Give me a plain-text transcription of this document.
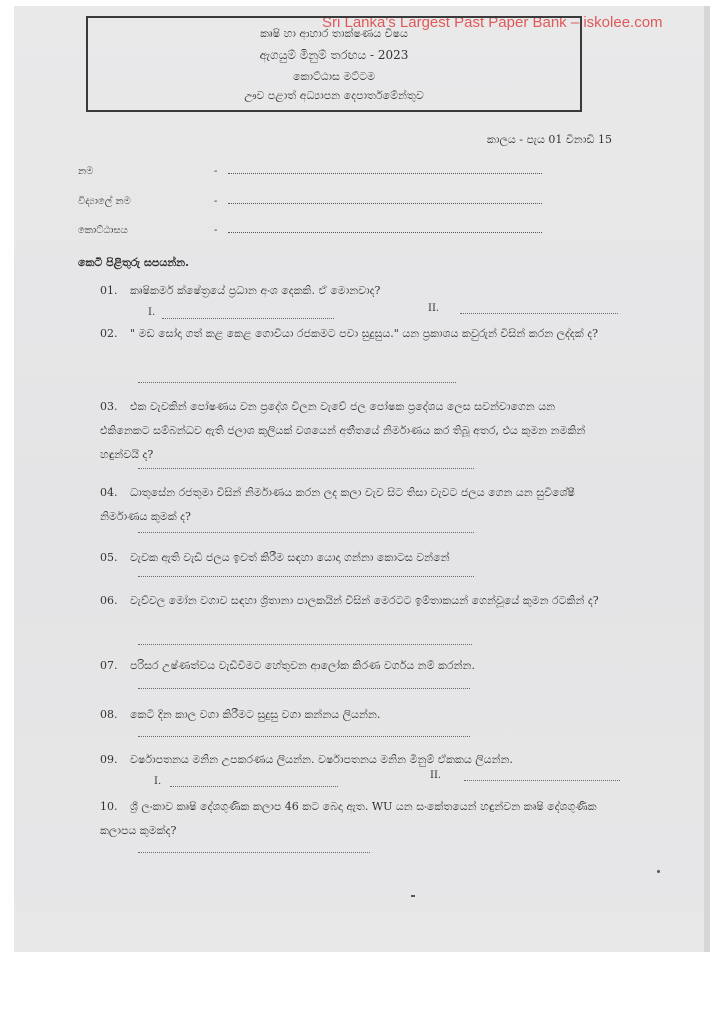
Sri Lanka's Largest Past Paper Bank – iskolee.com
කෘෂි හා ආහාර තාක්ෂණය විෂය
ඇගයුම් මිනුම් තරඟය - 2023
කොට්ඨාස මට්ටම
ඌව පළාත් අධ්‍යාපන දෙපාර්තමේන්තුව
කාලය - පැය 01 විනාඩි 15
නම	-
විද්‍යාලේ නම	-
කොට්ඨාසය	-
කෙටි පිළිතුරු සපයන්න.
01. කෘෂිකර්ම ක්ෂේත්‍රයේ ප්‍රධාන අංශ දෙකකි. ඒ මොනවාද?
I.	II.
02. " මඩ සෝදා ගත් කළ කෙළ ගොවියා රජකමට පවා සුදුසුය." යන ප්‍රකාශය කවුරුන් විසින් කරන ලද්දක් ද?
03. එක වැවකින් පෝෂණය වන ප්‍රදේශ විලන වැවේ ජල පෝෂක ප්‍රදේශය ලෙස සවන්වාගෙන යන එකිනෙකට සම්බන්ධව ඇති ජලාශ කුලියක් වශයෙන් අතීතයේ නිර්මාණය කර තිබූ අතර, එය කුමන නමකින් හඳුන්වයි ද?
04. ධාතුසේන රජතුමා විසින් නිර්මාණය කරන ලද කලා වැව සිට තිසා වැවට ජලය ගෙන යන සුවිශේෂී නිර්මාණය කුමක් ද?
05. වැවක ඇති වැඩි ජලය ඉවත් කිරීම සඳහා යොදා ගන්නා කොටස වන්නේ
06. වැව්වල මෝන වගාව සඳහා ශ්‍රිතානා පාලකයින් විසින් මෙරටට ඉම්තාකයන් ගෙන්වූයේ කුමන රටකින් ද?
07. පරිසර උෂ්ණත්වය වැඩිවීමට හේතුවන ආලෝක කිරණ වර්ගය නම් කරන්න.
08. කෙටි දින කාල වගා කිරීමට සුදුසු වගා කන්නය ලියන්න.
09. වර්ෂාපතනය මනින උපකරණය ලියන්න. වර්ෂාපතනය මනින මිනුම් ඒකකය ලියන්න.
I.
II.
10. ශ්‍රී ලංකාව කෘෂි දේශගුණික කලාප 46 කට බෙදා ඇත. WU යන සංකේතයෙන් හඳුන්වන කෘෂි දේශගුණික කලාපය කුමක්ද?
